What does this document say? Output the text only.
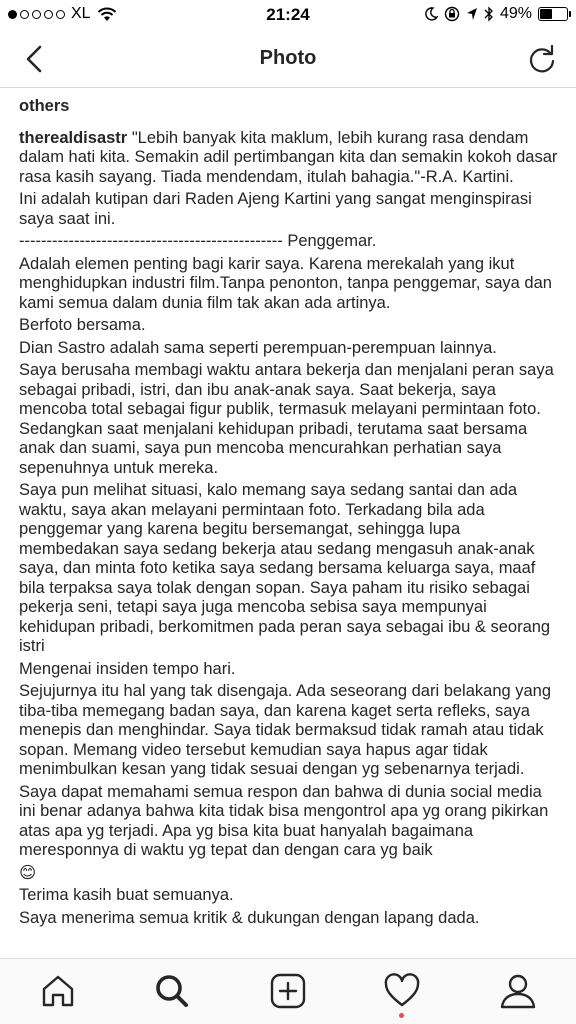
XL	21:24	49%
Photo
others

therealdisastr "Lebih banyak kita maklum, lebih kurang rasa dendam dalam hati kita. Semakin adil pertimbangan kita dan semakin kokoh dasar rasa kasih sayang. Tiada mendendam, itulah bahagia."-R.A. Kartini.

Ini adalah kutipan dari Raden Ajeng Kartini yang sangat menginspirasi saya saat ini.

------------------------------------------------ Penggemar.

Adalah elemen penting bagi karir saya. Karena merekalah yang ikut menghidupkan industri film.Tanpa penonton, tanpa penggemar, saya dan kami semua dalam dunia film tak akan ada artinya.

Berfoto bersama.

Dian Sastro adalah sama seperti perempuan-perempuan lainnya.

Saya berusaha membagi waktu antara bekerja dan menjalani peran saya sebagai pribadi, istri, dan ibu anak-anak saya. Saat bekerja, saya mencoba total sebagai figur publik, termasuk melayani permintaan foto. Sedangkan saat menjalani kehidupan pribadi, terutama saat bersama anak dan suami, saya pun mencoba mencurahkan perhatian saya sepenuhnya untuk mereka.

Saya pun melihat situasi, kalo memang saya sedang santai dan ada waktu, saya akan melayani permintaan foto. Terkadang bila ada penggemar yang karena begitu bersemangat, sehingga lupa membedakan saya sedang bekerja atau sedang mengasuh anak-anak saya, dan minta foto ketika saya sedang bersama keluarga saya, maaf bila terpaksa saya tolak dengan sopan. Saya paham itu risiko sebagai pekerja seni, tetapi saya juga mencoba sebisa saya mempunyai kehidupan pribadi, berkomitmen pada peran saya sebagai ibu & seorang istri

Mengenai insiden tempo hari.

Sejujurnya itu hal yang tak disengaja. Ada seseorang dari belakang yang tiba-tiba memegang badan saya, dan karena kaget serta refleks, saya menepis dan menghindar. Saya tidak bermaksud tidak ramah atau tidak sopan. Memang video tersebut kemudian saya hapus agar tidak menimbulkan kesan yang tidak sesuai dengan yg sebenarnya terjadi.

Saya dapat memahami semua respon dan bahwa di dunia social media ini benar adanya bahwa kita tidak bisa mengontrol apa yg orang pikirkan atas apa yg terjadi. Apa yg bisa kita buat hanyalah bagaimana meresponnya di waktu yg tepat dan dengan cara yg baik

😊

Terima kasih buat semuanya.

Saya menerima semua kritik & dukungan dengan lapang dada.
